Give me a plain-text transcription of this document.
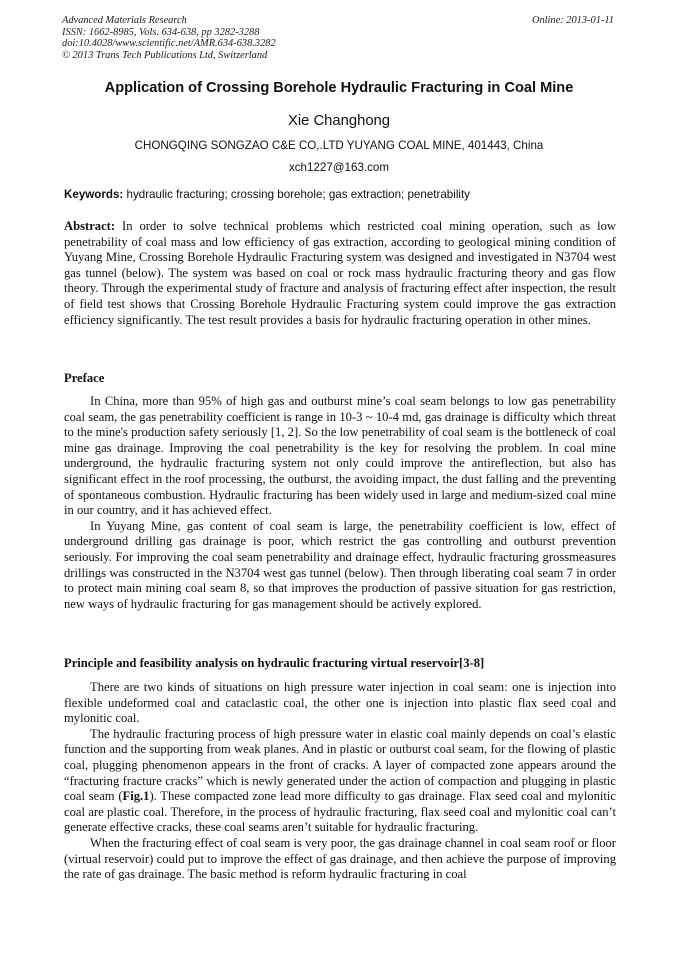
Advanced Materials Research
ISSN: 1662-8985, Vols. 634-638, pp 3282-3288
doi:10.4028/www.scientific.net/AMR.634-638.3282
© 2013 Trans Tech Publications Ltd, Switzerland
Online: 2013-01-11
Application of Crossing Borehole Hydraulic Fracturing in Coal Mine
Xie Changhong
CHONGQING SONGZAO C&E CO,.LTD YUYANG COAL MINE, 401443, China
xch1227@163.com
Keywords: hydraulic fracturing; crossing borehole; gas extraction; penetrability

Abstract: In order to solve technical problems which restricted coal mining operation, such as low penetrability of coal mass and low efficiency of gas extraction, according to geological mining condition of Yuyang Mine, Crossing Borehole Hydraulic Fracturing system was designed and investigated in N3704 west gas tunnel (below). The system was based on coal or rock mass hydraulic fracturing theory and gas flow theory. Through the experimental study of fracture and analysis of fracturing effect after inspection, the result of field test shows that Crossing Borehole Hydraulic Fracturing system could improve the gas extraction efficiency significantly. The test result provides a basis for hydraulic fracturing operation in other mines.

Preface

In China, more than 95% of high gas and outburst mine’s coal seam belongs to low gas penetrability coal seam, the gas penetrability coefficient is range in 10-3 ~ 10-4 md, gas drainage is difficulty which threat to the mine's production safety seriously [1, 2]. So the low penetrability of coal seam is the bottleneck of coal mine gas drainage. Improving the coal penetrability is the key for resolving the problem. In coal mine underground, the hydraulic fracturing system not only could improve the antireflection, but also has significant effect in the roof processing, the outburst, the avoiding impact, the dust falling and the preventing of spontaneous combustion. Hydraulic fracturing has been widely used in large and medium-sized coal mine in our country, and it has achieved effect.

In Yuyang Mine, gas content of coal seam is large, the penetrability coefficient is low, effect of underground drilling gas drainage is poor, which restrict the gas controlling and outburst prevention seriously. For improving the coal seam penetrability and drainage effect, hydraulic fracturing grossmeasures drillings was constructed in the N3704 west gas tunnel (below). Then through liberating coal seam 7 in order to protect main mining coal seam 8, so that improves the production of passive situation for gas restriction, new ways of hydraulic fracturing for gas management should be actively explored.

Principle and feasibility analysis on hydraulic fracturing virtual reservoir[3-8]

There are two kinds of situations on high pressure water injection in coal seam: one is injection into flexible undeformed coal and cataclastic coal, the other one is injection into plastic flax seed coal and mylonitic coal.

The hydraulic fracturing process of high pressure water in elastic coal mainly depends on coal’s elastic function and the supporting from weak planes. And in plastic or outburst coal seam, for the flowing of plastic coal, plugging phenomenon appears in the front of cracks. A layer of compacted zone appears around the “fracturing fracture cracks” which is newly generated under the action of compaction and plugging in plastic coal seam (Fig.1). These compacted zone lead more difficulty to gas drainage. Flax seed coal and mylonitic coal are plastic coal. Therefore, in the process of hydraulic fracturing, flax seed coal and mylonitic coal can’t generate effective cracks, these coal seams aren’t suitable for hydraulic fracturing.

When the fracturing effect of coal seam is very poor, the gas drainage channel in coal seam roof or floor (virtual reservoir) could put to improve the effect of gas drainage, and then achieve the purpose of improving the rate of gas drainage. The basic method is reform hydraulic fracturing in coal
